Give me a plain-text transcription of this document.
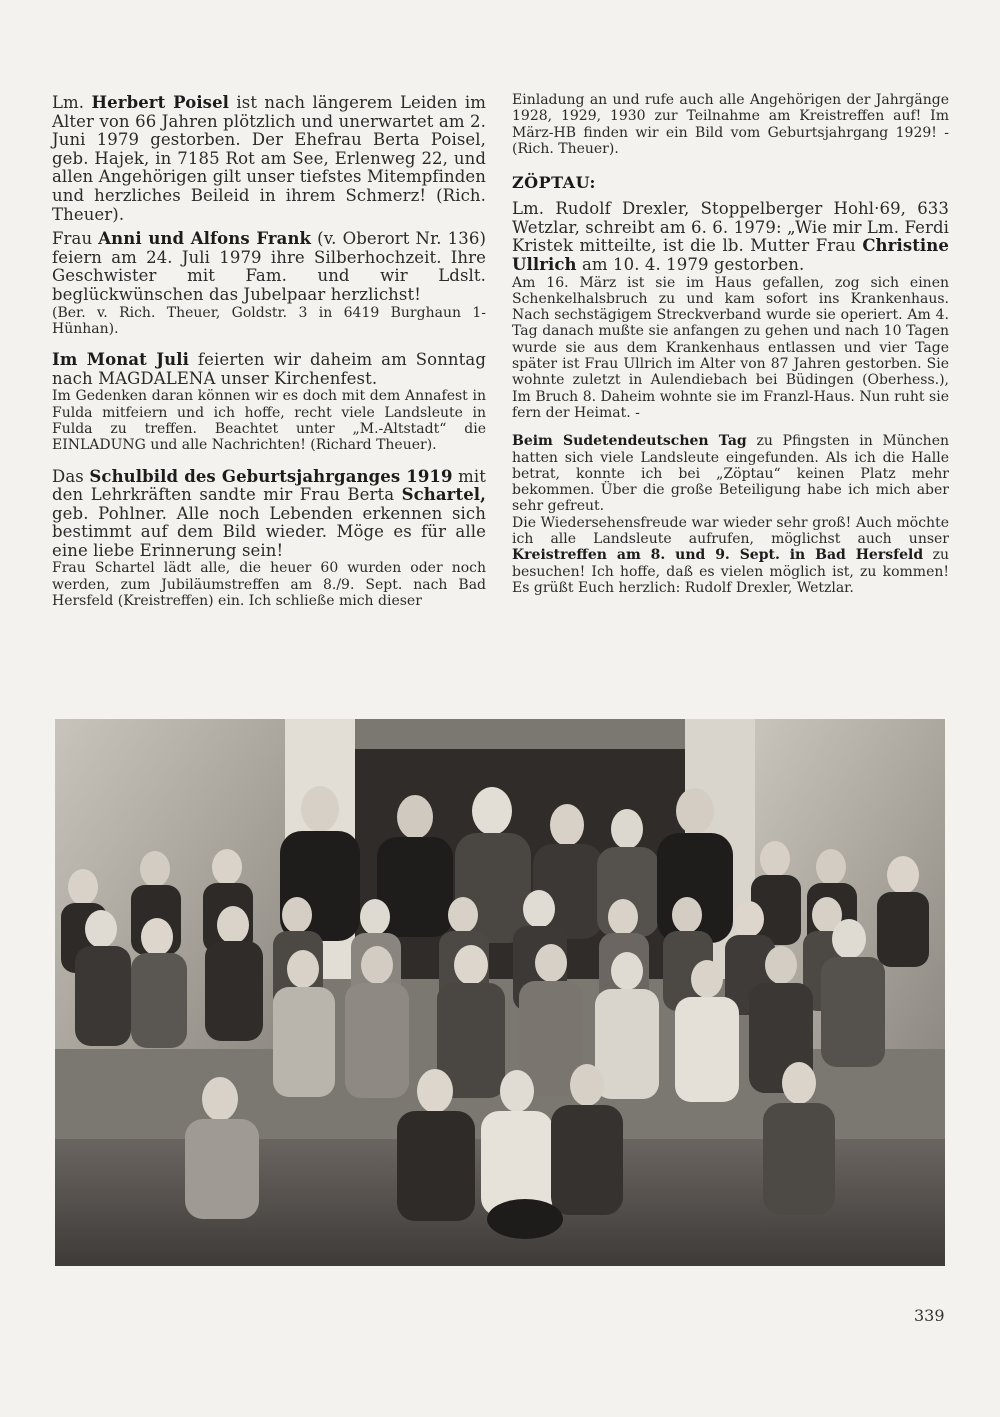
Lm. Herbert Poisel ist nach längerem Leiden im Alter von 66 Jahren plötzlich und unerwartet am 2. Juni 1979 gestorben. Der Ehefrau Berta Poisel, geb. Hajek, in 7185 Rot am See, Erlenweg 22, und allen Angehörigen gilt unser tiefstes Mitempfinden und herzliches Beileid in ihrem Schmerz! (Rich. Theuer).

Frau Anni und Alfons Frank (v. Oberort Nr. 136) feiern am 24. Juli 1979 ihre Silberhochzeit. Ihre Geschwister mit Fam. und wir Ldslt. beglückwünschen das Jubelpaar herzlichst!

(Ber. v. Rich. Theuer, Goldstr. 3 in 6419 Burghaun 1-Hünhan).

Im Monat Juli feierten wir daheim am Sonntag nach MAGDALENA unser Kirchenfest.

Im Gedenken daran können wir es doch mit dem Annafest in Fulda mitfeiern und ich hoffe, recht viele Landsleute in Fulda zu treffen. Beachtet unter „M.-Altstadt“ die EINLADUNG und alle Nachrichten! (Richard Theuer).

Das Schulbild des Geburtsjahrganges 1919 mit den Lehrkräften sandte mir Frau Berta Schartel, geb. Pohlner. Alle noch Lebenden erkennen sich bestimmt auf dem Bild wieder. Möge es für alle eine liebe Erinnerung sein!

Frau Schartel lädt alle, die heuer 60 wurden oder noch werden, zum Jubiläumstreffen am 8./9. Sept. nach Bad Hersfeld (Kreistreffen) ein. Ich schließe mich dieser

Einladung an und rufe auch alle Angehörigen der Jahrgänge 1928, 1929, 1930 zur Teilnahme am Kreistreffen auf! Im März-HB finden wir ein Bild vom Geburtsjahrgang 1929! - (Rich. Theuer).

ZÖPTAU:

Lm. Rudolf Drexler, Stoppelberger Hohl·69, 633 Wetzlar, schreibt am 6. 6. 1979: „Wie mir Lm. Ferdi Kristek mitteilte, ist die lb. Mutter Frau Christine Ullrich am 10. 4. 1979 gestorben.

Am 16. März ist sie im Haus gefallen, zog sich einen Schenkelhalsbruch zu und kam sofort ins Krankenhaus. Nach sechstägigem Streckverband wurde sie operiert. Am 4. Tag danach mußte sie anfangen zu gehen und nach 10 Tagen wurde sie aus dem Krankenhaus entlassen und vier Tage später ist Frau Ullrich im Alter von 87 Jahren gestorben. Sie wohnte zuletzt in Aulendiebach bei Büdingen (Oberhess.), Im Bruch 8. Daheim wohnte sie im Franzl-Haus. Nun ruht sie fern der Heimat. -

Beim Sudetendeutschen Tag zu Pfingsten in München hatten sich viele Landsleute eingefunden. Als ich die Halle betrat, konnte ich bei „Zöptau“ keinen Platz mehr bekommen. Über die große Beteiligung habe ich mich aber sehr gefreut.

Die Wiedersehensfreude war wieder sehr groß! Auch möchte ich alle Landsleute aufrufen, möglichst auch unser Kreistreffen am 8. und 9. Sept. in Bad Hersfeld zu besuchen! Ich hoffe, daß es vielen möglich ist, zu kommen! Es grüßt Euch herzlich: Rudolf Drexler, Wetzlar.

339
